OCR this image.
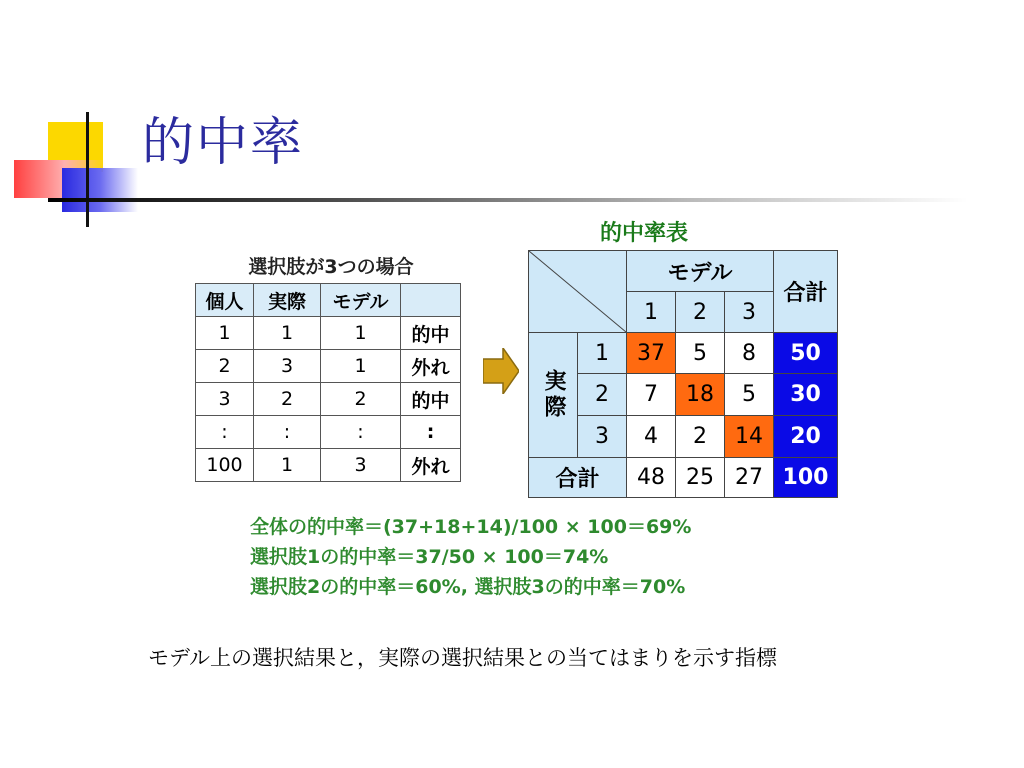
的中率
選択肢が3つの場合
個人	実際	モデル	
1	1	1	的中
2	3	1	外れ
3	2	2	的中
:	:	:	:
100	1	3	外れ
的中率表
モデル
合計
1	2	3
実際
1	37	5	8	50
2	7	18	5	30
3	4	2	14	20
合計	48 25 27 100
全体の的中率＝(37+18+14)/100 × 100＝69%
選択肢1の的中率＝37/50 × 100＝74%
選択肢2の的中率＝60%, 選択肢3の的中率＝70%
モデル上の選択結果と，実際の選択結果との当てはまりを示す指標
